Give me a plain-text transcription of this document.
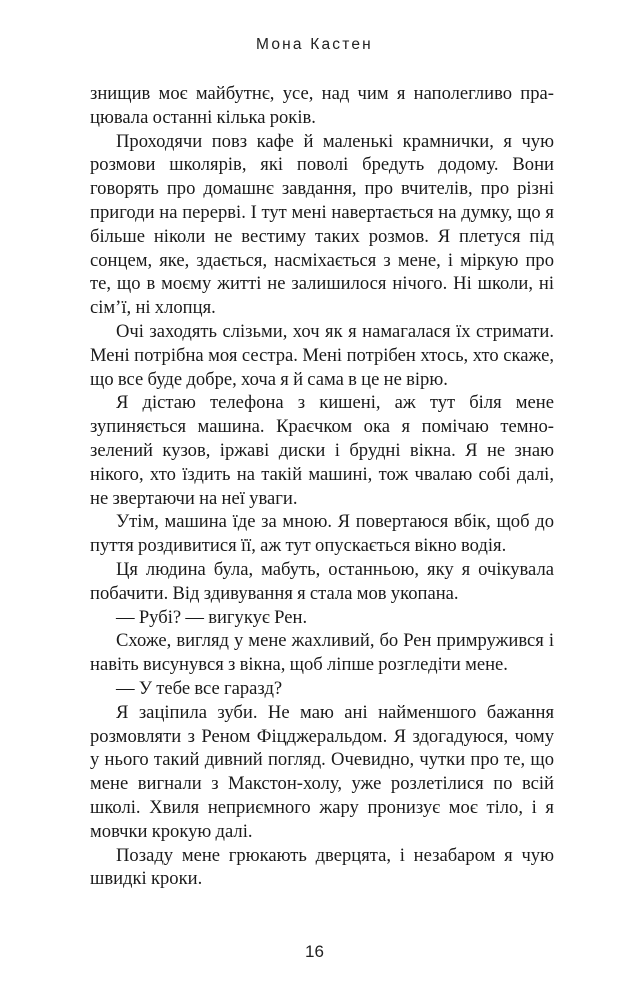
Мона Кастен

знищив моє майбутнє, усе, над чим я наполегливо працювала останні кілька років.

Проходячи повз кафе й маленькі крамнички, я чую розмови школярів, які поволі бредуть додому. Вони говорять про домашнє завдання, про вчителів, про різні пригоди на перерві. І тут мені навертається на думку, що я більше ніколи не вестиму таких розмов. Я плетуся під сонцем, яке, здається, насміхається з мене, і міркую про те, що в моєму житті не залишилося нічого. Ні школи, ні сім’ї, ні хлопця.

Очі заходять слізьми, хоч як я намагалася їх стримати. Мені потрібна моя сестра. Мені потрібен хтось, хто скаже, що все буде добре, хоча я й сама в це не вірю.

Я дістаю телефона з кишені, аж тут біля мене зупиняється машина. Краєчком ока я помічаю темнозелений кузов, іржаві диски і брудні вікна. Я не знаю нікого, хто їздить на такій машині, тож чвалаю собі далі, не звертаючи на неї уваги.

Утім, машина їде за мною. Я повертаюся вбік, щоб до пуття роздивитися її, аж тут опускається вікно водія.

Ця людина була, мабуть, останньою, яку я очікувала побачити. Від здивування я стала мов укопана.

— Рубі? — вигукує Рен.

Схоже, вигляд у мене жахливий, бо Рен примружився і навіть висунувся з вікна, щоб ліпше розгледіти мене.

— У тебе все гаразд?

Я заціпила зуби. Не маю ані найменшого бажання розмовляти з Реном Фіцджеральдом. Я здогадуюся, чому у нього такий дивний погляд. Очевидно, чутки про те, що мене вигнали з Макстон-холу, уже розлетілися по всій школі. Хвиля неприємного жару пронизує моє тіло, і я мовчки крокую далі.

Позаду мене грюкають дверцята, і незабаром я чую швидкі кроки.

16
